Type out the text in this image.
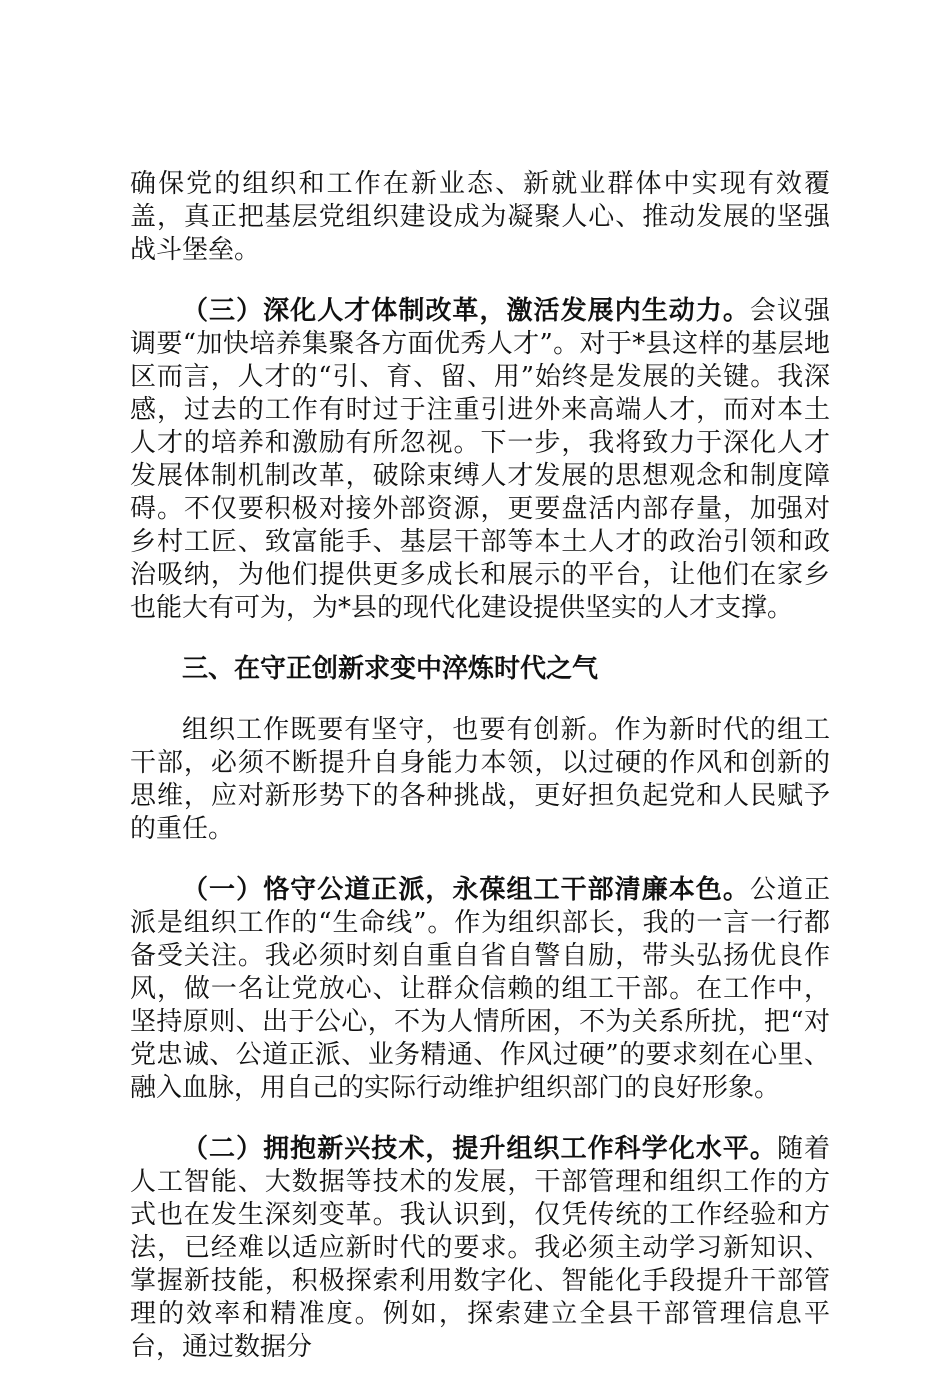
确保党的组织和工作在新业态、新就业群体中实现有效覆盖，真正把基层党组织建设成为凝聚人心、推动发展的坚强战斗堡垒。

（三）深化人才体制改革，激活发展内生动力。会议强调要“加快培养集聚各方面优秀人才”。对于*县这样的基层地区而言，人才的“引、育、留、用”始终是发展的关键。我深感，过去的工作有时过于注重引进外来高端人才，而对本土人才的培养和激励有所忽视。下一步，我将致力于深化人才发展体制机制改革，破除束缚人才发展的思想观念和制度障碍。不仅要积极对接外部资源，更要盘活内部存量，加强对乡村工匠、致富能手、基层干部等本土人才的政治引领和政治吸纳，为他们提供更多成长和展示的平台，让他们在家乡也能大有可为，为*县的现代化建设提供坚实的人才支撑。

三、在守正创新求变中淬炼时代之气

组织工作既要有坚守，也要有创新。作为新时代的组工干部，必须不断提升自身能力本领，以过硬的作风和创新的思维，应对新形势下的各种挑战，更好担负起党和人民赋予的重任。

（一）恪守公道正派，永葆组工干部清廉本色。公道正派是组织工作的“生命线”。作为组织部长，我的一言一行都备受关注。我必须时刻自重自省自警自励，带头弘扬优良作风，做一名让党放心、让群众信赖的组工干部。在工作中，坚持原则、出于公心，不为人情所困，不为关系所扰，把“对党忠诚、公道正派、业务精通、作风过硬”的要求刻在心里、融入血脉，用自己的实际行动维护组织部门的良好形象。

（二）拥抱新兴技术，提升组织工作科学化水平。随着人工智能、大数据等技术的发展，干部管理和组织工作的方式也在发生深刻变革。我认识到，仅凭传统的工作经验和方法，已经难以适应新时代的要求。我必须主动学习新知识、掌握新技能，积极探索利用数字化、智能化手段提升干部管理的效率和精准度。例如，探索建立全县干部管理信息平台，通过数据分
